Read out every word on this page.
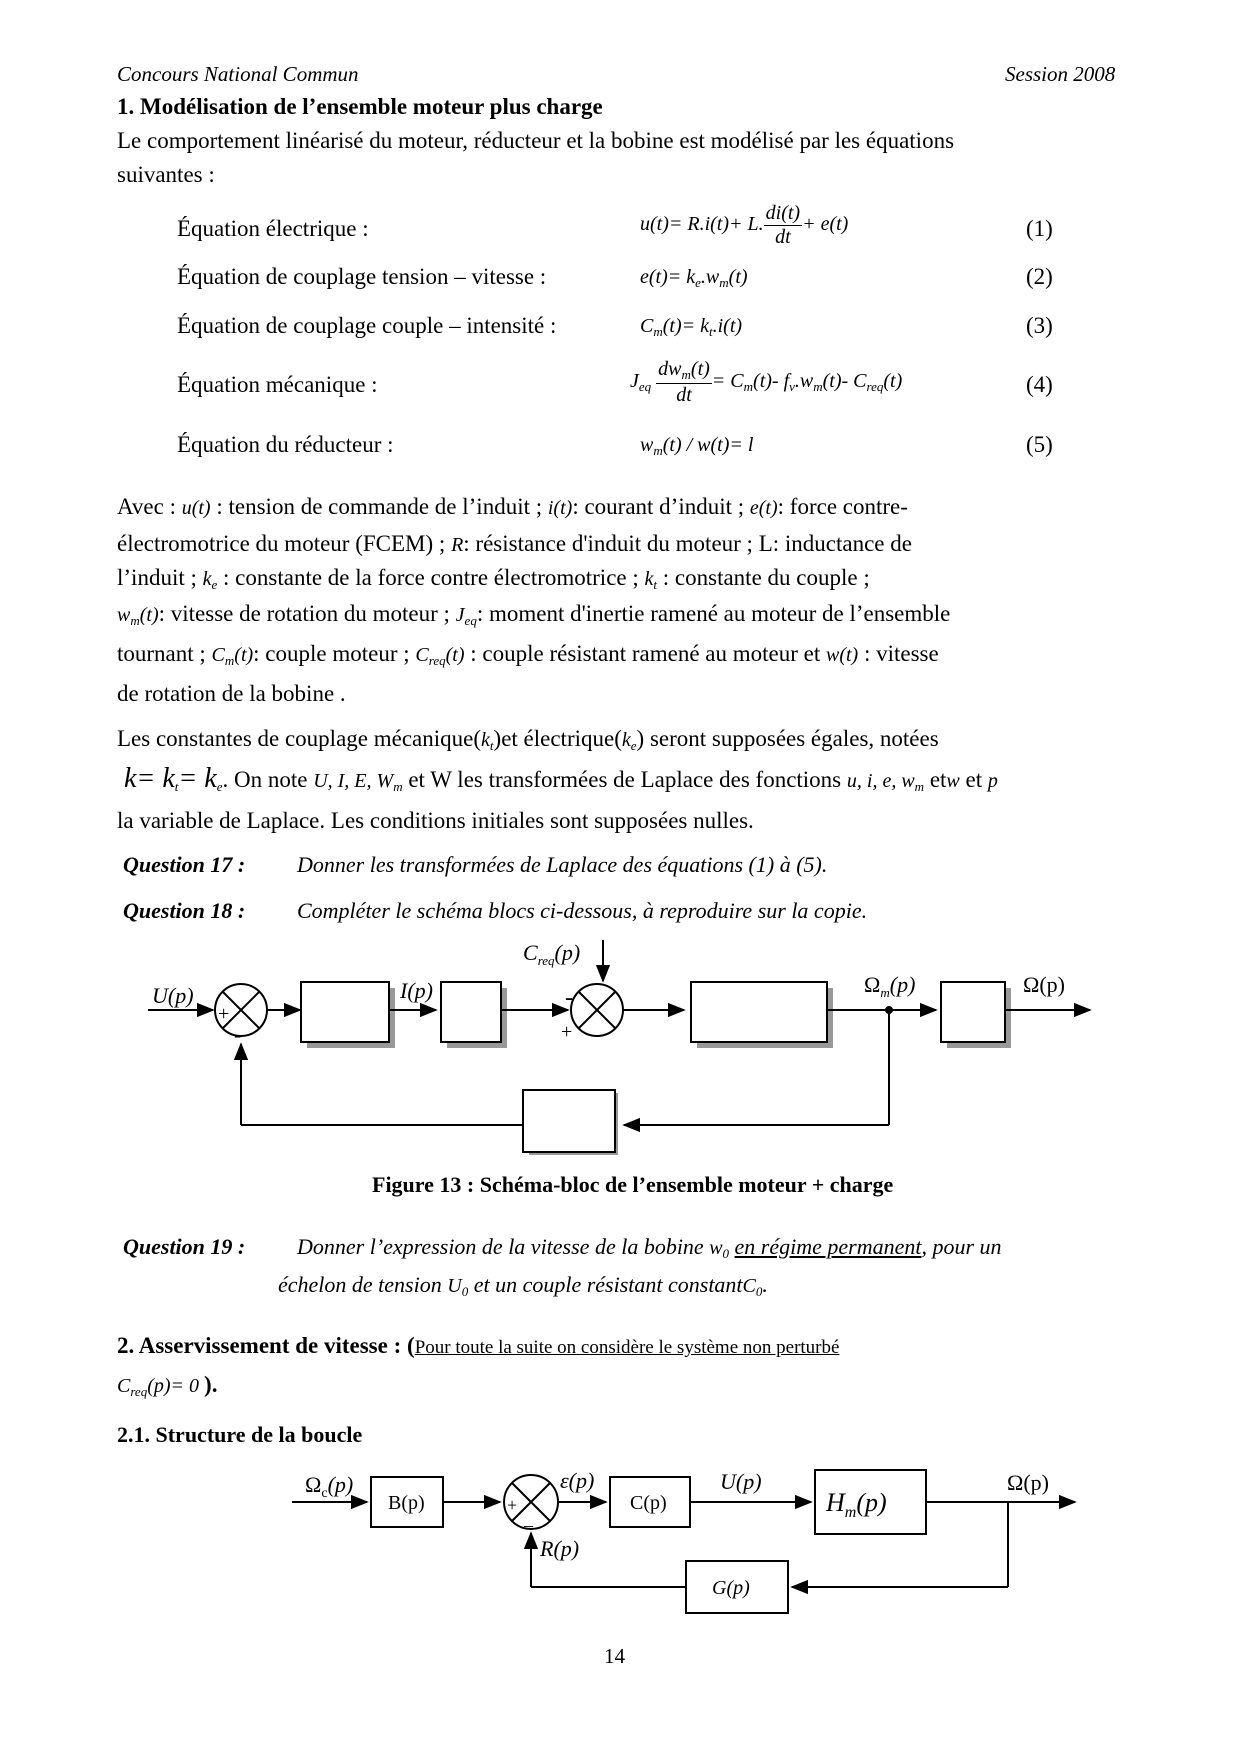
Concours National Commun	Session 2008
1. Modélisation de l’ensemble moteur plus charge
Le comportement linéarisé du moteur, réducteur et la bobine est modélisé par les équations
suivantes :
Équation électrique :	u(t)= R.i(t)+ L. $\frac{di(t)}{dt} + e(t)$	(1)
Équation de couplage tension – vitesse :	$e(t)= k_e.w_m(t)$	(2)
Équation de couplage couple – intensité :	$C_m(t)= k_t.i(t)$	(3)
Équation mécanique :	$J_{eq} \frac{dw_m(t)}{dt} = C_m(t)-$ $f_v.w_m(t)-$ $C_{req}(t)$	(4)
Équation du réducteur :	$w_m(t) / w(t)= l$	(5)
Avec : u(t) : tension de commande de l’induit ; i(t): courant d’induit ; e(t): force contre-
électromotrice du moteur (FCEM) ; R: résistance d'induit du moteur ; L: inductance de
l’induit ; $k_e$ : constante de la force contre électromotrice ; $k_t$ : constante du couple ;
$w_m(t)$: vitesse de rotation du moteur ; $J_{eq}$: moment d'inertie ramené au moteur de l’ensemble
tournant ; $C_m(t)$: couple moteur ; $C_{req}(t)$ : couple résistant ramené au moteur et w(t) : vitesse
de rotation de la bobine .
Les constantes de couplage $mécanique(k_t)et$ $électrique(k_e)$ seront supposées égales, notées
$k= k_t= k_e$. On note U, I, E, $W_m$ et W les transformées de Laplace des fonctions u, i, e, $w_m$ etw et p
la variable de Laplace. Les conditions initiales sont supposées nulles.
Question 17 : Donner les transformées de Laplace des équations (1) à (5).
Question 18 : Compléter le schéma blocs ci-dessous, à reproduire sur la copie.
$C_{req}(p)$
U(p)	I(p)	$\Omega_m(p)$	Ω(p)
+
-
-
+
Figure 13 : Schéma-bloc de l’ensemble moteur + charge
Question 19 : Donner l’expression de la vitesse de la bobine $w_0$ en régime permanent, pour un
échelon de tension $U_0$ et un couple résistant constantC$_0$.
2. Asservissement de vitesse : (Pour toute la suite on considère le système non perturbé
$C_{req}(p)= 0$ ).
2.1. Structure de la boucle
$\Omega_c(p)$
B(p)
ε(p)
C(p)
U(p)
$H_m(p)$
Ω(p)
R(p)
G(p)
+
–
14
